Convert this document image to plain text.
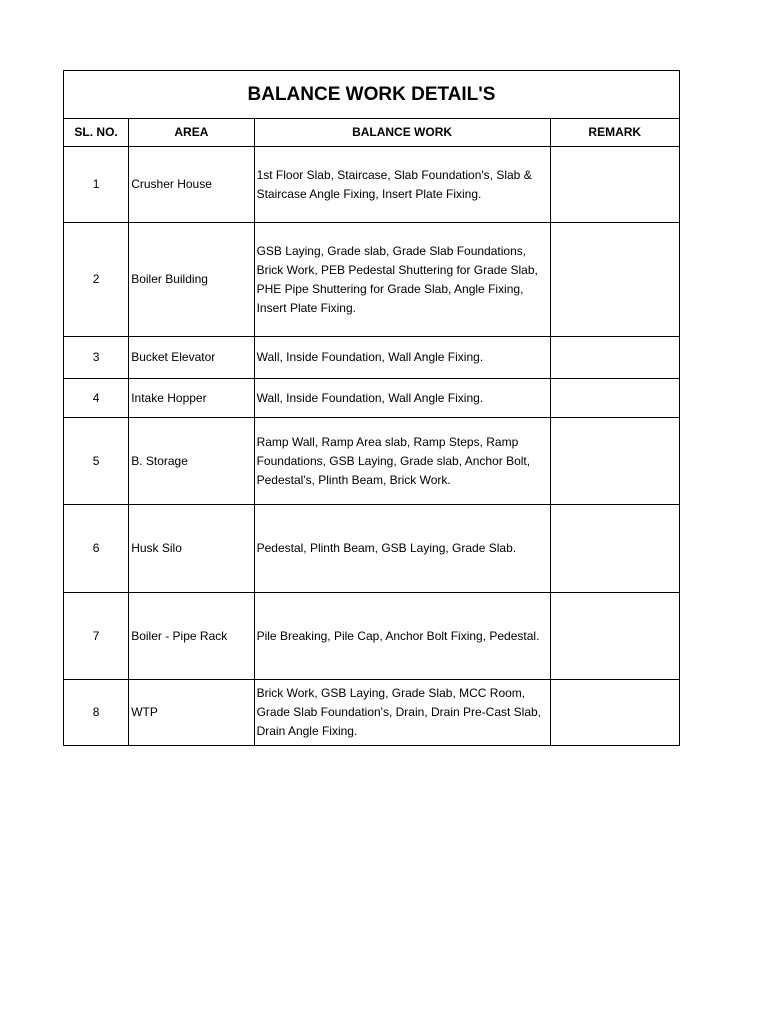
BALANCE WORK DETAIL'S			
SL. NO.	AREA	BALANCE WORK	REMARK
1	Crusher House	1st Floor Slab, Staircase, Slab Foundation's, Slab & Staircase Angle Fixing, Insert Plate Fixing.	
2	Boiler Building	GSB Laying, Grade slab, Grade Slab Foundations, Brick Work, PEB Pedestal Shuttering for Grade Slab, PHE Pipe Shuttering for Grade Slab, Angle Fixing, Insert Plate Fixing.	
3	Bucket Elevator	Wall, Inside Foundation, Wall Angle Fixing.	
4	Intake Hopper	Wall, Inside Foundation, Wall Angle Fixing.	
5	B. Storage	Ramp Wall, Ramp Area slab, Ramp Steps, Ramp Foundations, GSB Laying, Grade slab, Anchor Bolt, Pedestal's, Plinth Beam, Brick Work.	
6	Husk Silo	Pedestal, Plinth Beam, GSB Laying, Grade Slab.	
7	Boiler - Pipe Rack	Pile Breaking, Pile Cap, Anchor Bolt Fixing, Pedestal.	
8	WTP	Brick Work, GSB Laying, Grade Slab, MCC Room, Grade Slab Foundation's, Drain, Drain Pre-Cast Slab, Drain Angle Fixing.	
